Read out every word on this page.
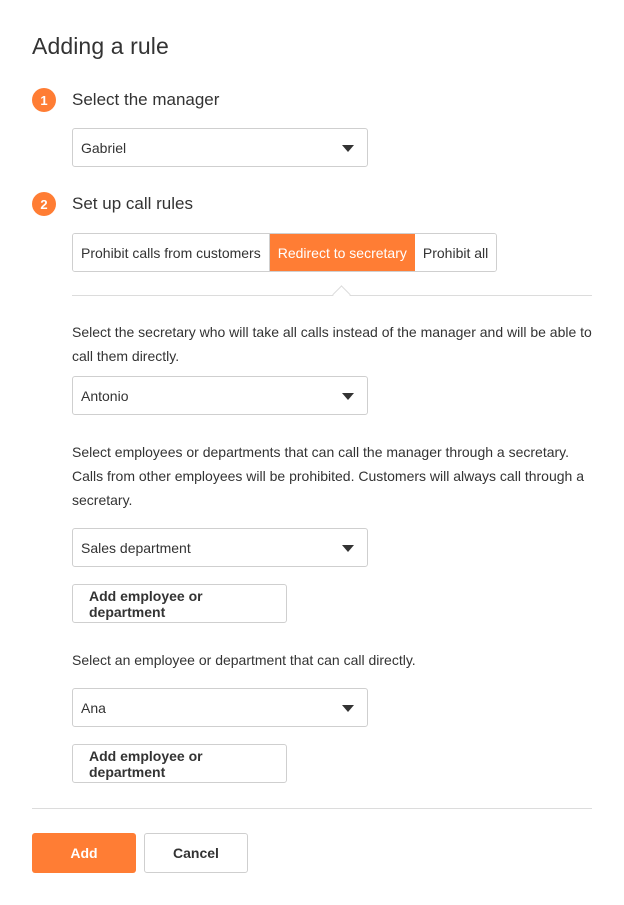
Adding a rule
1	Select the manager
Gabriel
2	Set up call rules
Prohibit calls from customers	Redirect to secretary	Prohibit all
Select the secretary who will take all calls instead of the manager and will be able to call them directly.
Antonio
Select employees or departments that can call the manager through a secretary. Calls from other employees will be prohibited. Customers will always call through a secretary.
Sales department
Add employee or department
Select an employee or department that can call directly.
Ana
Add employee or department
Add	Cancel
